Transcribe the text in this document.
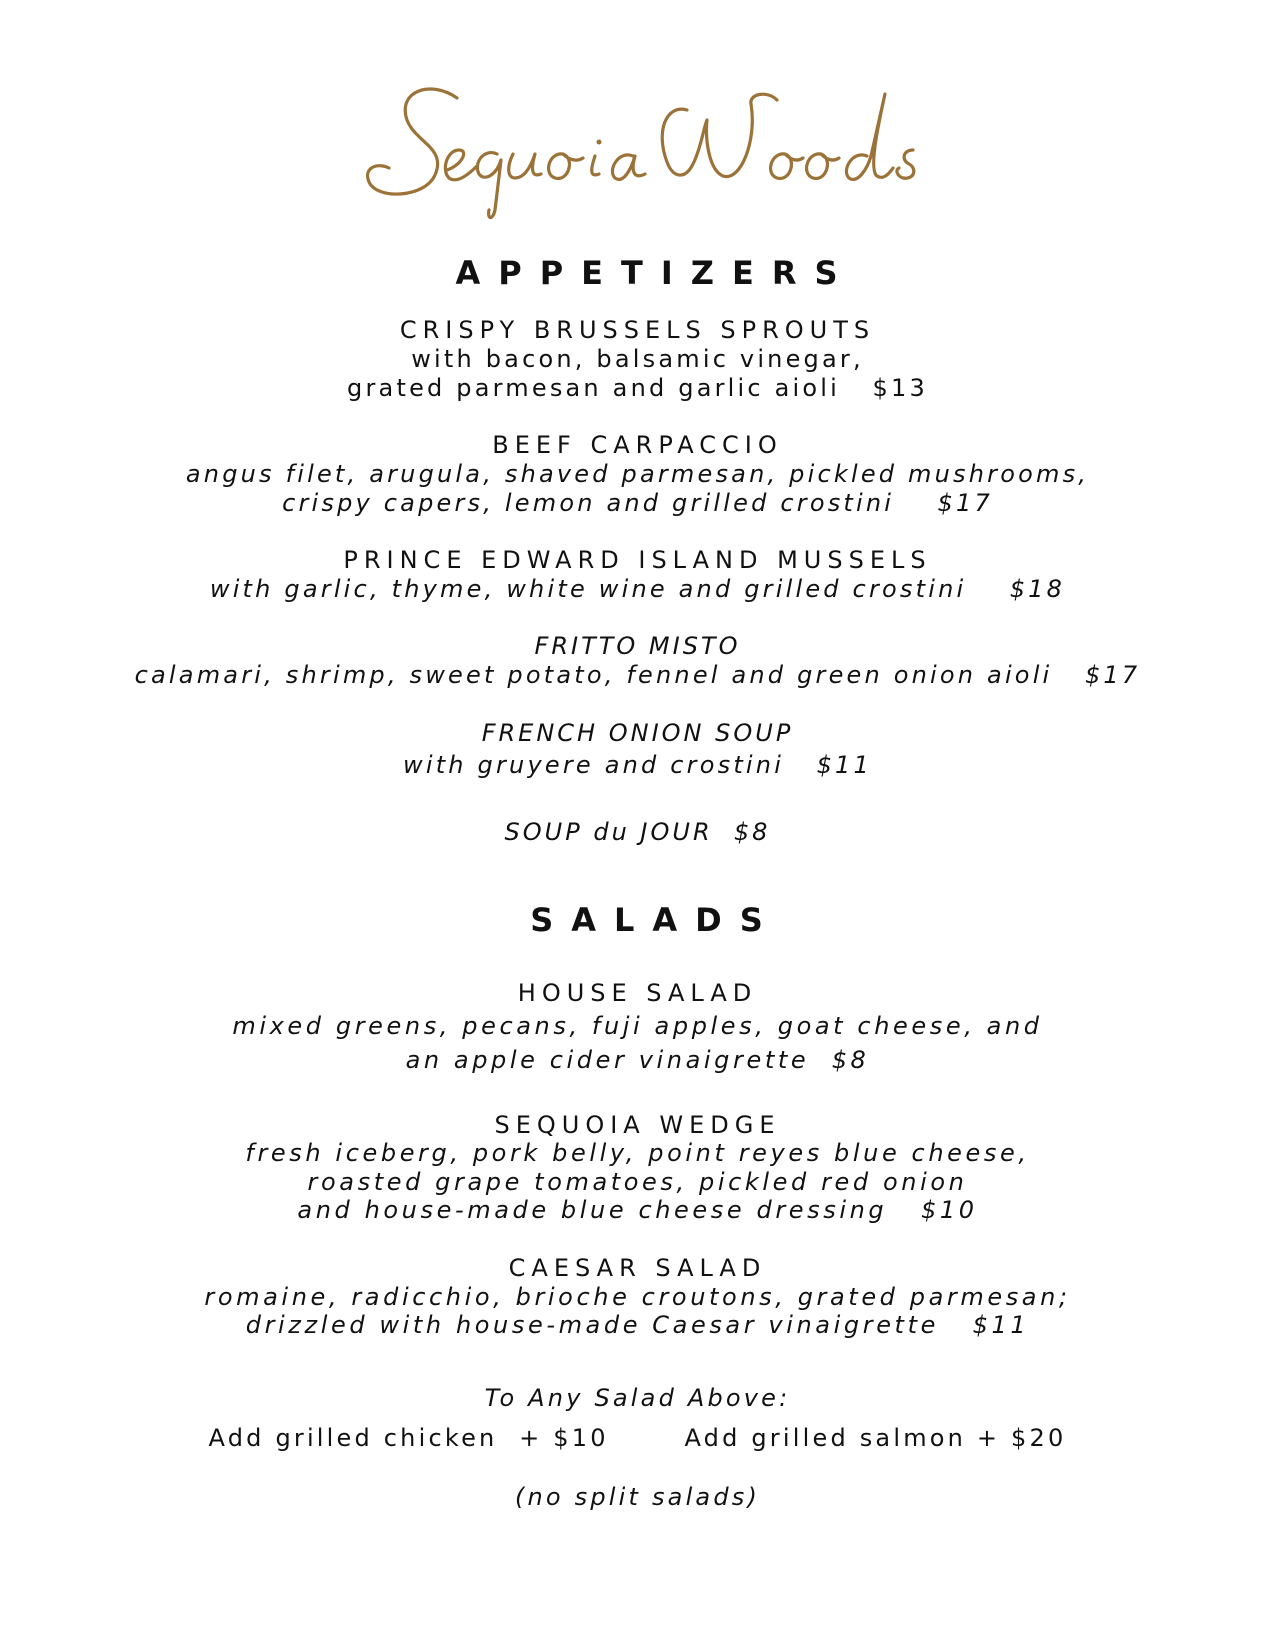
APPETIZERS
CRISPY BRUSSELS SPROUTS
with bacon, balsamic vinegar,
grated parmesan and garlic aioli $13
BEEF CARPACCIO
angus filet, arugula, shaved parmesan, pickled mushrooms,
crispy capers, lemon and grilled crostini $17
PRINCE EDWARD ISLAND MUSSELS
with garlic, thyme, white wine and grilled crostini $18
FRITTO MISTO
calamari, shrimp, sweet potato, fennel and green onion aioli $17
FRENCH ONION SOUP
with gruyere and crostini $11
SOUP du JOUR $8
SALADS
HOUSE SALAD
mixed greens, pecans, fuji apples, goat cheese, and
an apple cider vinaigrette $8
SEQUOIA WEDGE
fresh iceberg, pork belly, point reyes blue cheese,
roasted grape tomatoes, pickled red onion
and house-made blue cheese dressing $10
CAESAR SALAD
romaine, radicchio, brioche croutons, grated parmesan;
drizzled with house-made Caesar vinaigrette $11
To Any Salad Above:
Add grilled chicken  + $10	Add grilled salmon + $20
(no split salads)
